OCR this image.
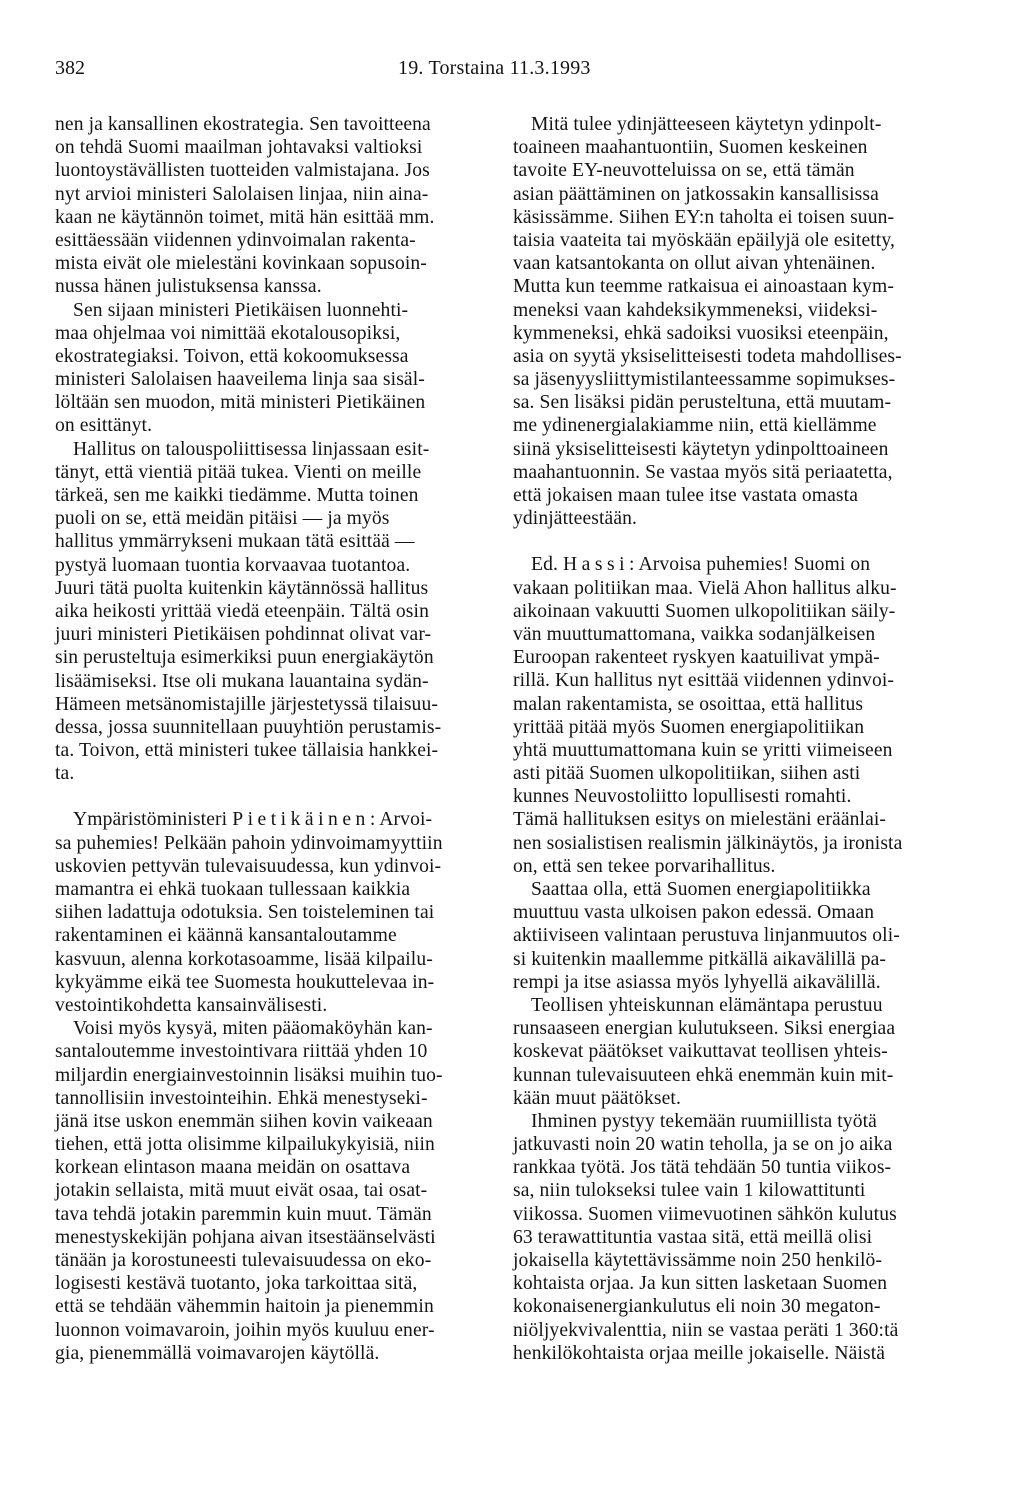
382	19. Torstaina 11.3.1993
nen ja kansallinen ekostrategia. Sen tavoitteena
on tehdä Suomi maailman johtavaksi valtioksi
luontoystävällisten tuotteiden valmistajana. Jos
nyt arvioi ministeri Salolaisen linjaa, niin aina-
kaan ne käytännön toimet, mitä hän esittää mm.
esittäessään viidennen ydinvoimalan rakenta-
mista eivät ole mielestäni kovinkaan sopusoin-
nussa hänen julistuksensa kanssa.
Sen sijaan ministeri Pietikäisen luonnehti-
maa ohjelmaa voi nimittää ekotalousopiksi,
ekostrategiaksi. Toivon, että kokoomuksessa
ministeri Salolaisen haaveilema linja saa sisäl-
löltään sen muodon, mitä ministeri Pietikäinen
on esittänyt.
Hallitus on talouspoliittisessa linjassaan esit-
tänyt, että vientiä pitää tukea. Vienti on meille
tärkeä, sen me kaikki tiedämme. Mutta toinen
puoli on se, että meidän pitäisi — ja myös
hallitus ymmärrykseni mukaan tätä esittää —
pystyä luomaan tuontia korvaavaa tuotantoa.
Juuri tätä puolta kuitenkin käytännössä hallitus
aika heikosti yrittää viedä eteenpäin. Tältä osin
juuri ministeri Pietikäisen pohdinnat olivat var-
sin perusteltuja esimerkiksi puun energiakäytön
lisäämiseksi. Itse oli mukana lauantaina sydän-
Hämeen metsänomistajille järjestetyssä tilaisuu-
dessa, jossa suunnitellaan puuyhtiön perustamis-
ta. Toivon, että ministeri tukee tällaisia hankkei-
ta.
Ympäristöministeri Pietikäinen: Arvoi-
sa puhemies! Pelkään pahoin ydinvoimamyyttiin
uskovien pettyvän tulevaisuudessa, kun ydinvoi-
mamantra ei ehkä tuokaan tullessaan kaikkia
siihen ladattuja odotuksia. Sen toisteleminen tai
rakentaminen ei käännä kansantaloutamme
kasvuun, alenna korkotasoamme, lisää kilpailu-
kykyämme eikä tee Suomesta houkuttelevaa in-
vestointikohdetta kansainvälisesti.
Voisi myös kysyä, miten pääomaköyhän kan-
santaloutemme investointivara riittää yhden 10
miljardin energiainvestoinnin lisäksi muihin tuo-
tannollisiin investointeihin. Ehkä menestyseki-
jänä itse uskon enemmän siihen kovin vaikeaan
tiehen, että jotta olisimme kilpailukykyisiä, niin
korkean elintason maana meidän on osattava
jotakin sellaista, mitä muut eivät osaa, tai osat-
tava tehdä jotakin paremmin kuin muut. Tämän
menestyskekijän pohjana aivan itsestäänselvästi
tänään ja korostuneesti tulevaisuudessa on eko-
logisesti kestävä tuotanto, joka tarkoittaa sitä,
että se tehdään vähemmin haitoin ja pienemmin
luonnon voimavaroin, joihin myös kuuluu ener-
gia, pienemmällä voimavarojen käytöllä.
Mitä tulee ydinjätteeseen käytetyn ydinpolt-
toaineen maahantuontiin, Suomen keskeinen
tavoite EY-neuvotteluissa on se, että tämän
asian päättäminen on jatkossakin kansallisissa
käsissämme. Siihen EY:n taholta ei toisen suun-
taisia vaateita tai myöskään epäilyjä ole esitetty,
vaan katsantokanta on ollut aivan yhtenäinen.
Mutta kun teemme ratkaisua ei ainoastaan kym-
meneksi vaan kahdeksikymmeneksi, viideksi-
kymmeneksi, ehkä sadoiksi vuosiksi eteenpäin,
asia on syytä yksiselitteisesti todeta mahdollises-
sa jäsenyysliittymistilanteessamme sopimukses-
sa. Sen lisäksi pidän perusteltuna, että muutam-
me ydinenergialakiamme niin, että kiellämme
siinä yksiselitteisesti käytetyn ydinpolttoaineen
maahantuonnin. Se vastaa myös sitä periaatetta,
että jokaisen maan tulee itse vastata omasta
ydinjätteestään.
Ed. Hassi: Arvoisa puhemies! Suomi on
vakaan politiikan maa. Vielä Ahon hallitus alku-
aikoinaan vakuutti Suomen ulkopolitiikan säily-
vän muuttumattomana, vaikka sodanjälkeisen
Euroopan rakenteet ryskyen kaatuilivat ympä-
rillä. Kun hallitus nyt esittää viidennen ydinvoi-
malan rakentamista, se osoittaa, että hallitus
yrittää pitää myös Suomen energiapolitiikan
yhtä muuttumattomana kuin se yritti viimeiseen
asti pitää Suomen ulkopolitiikan, siihen asti
kunnes Neuvostoliitto lopullisesti romahti.
Tämä hallituksen esitys on mielestäni eräänlai-
nen sosialistisen realismin jälkinäytös, ja ironista
on, että sen tekee porvarihallitus.
Saattaa olla, että Suomen energiapolitiikka
muuttuu vasta ulkoisen pakon edessä. Omaan
aktiiviseen valintaan perustuva linjanmuutos oli-
si kuitenkin maallemme pitkällä aikavälillä pa-
rempi ja itse asiassa myös lyhyellä aikavälillä.
Teollisen yhteiskunnan elämäntapa perustuu
runsaaseen energian kulutukseen. Siksi energiaa
koskevat päätökset vaikuttavat teollisen yhteis-
kunnan tulevaisuuteen ehkä enemmän kuin mit-
kään muut päätökset.
Ihminen pystyy tekemään ruumiillista työtä
jatkuvasti noin 20 watin teholla, ja se on jo aika
rankkaa työtä. Jos tätä tehdään 50 tuntia viikos-
sa, niin tulokseksi tulee vain 1 kilowattitunti
viikossa. Suomen viimevuotinen sähkön kulutus
63 terawattituntia vastaa sitä, että meillä olisi
jokaisella käytettävissämme noin 250 henkilö-
kohtaista orjaa. Ja kun sitten lasketaan Suomen
kokonaisenergiankulutus eli noin 30 megaton-
niöljyekvivalenttia, niin se vastaa peräti 1 360:tä
henkilökohtaista orjaa meille jokaiselle. Näistä
